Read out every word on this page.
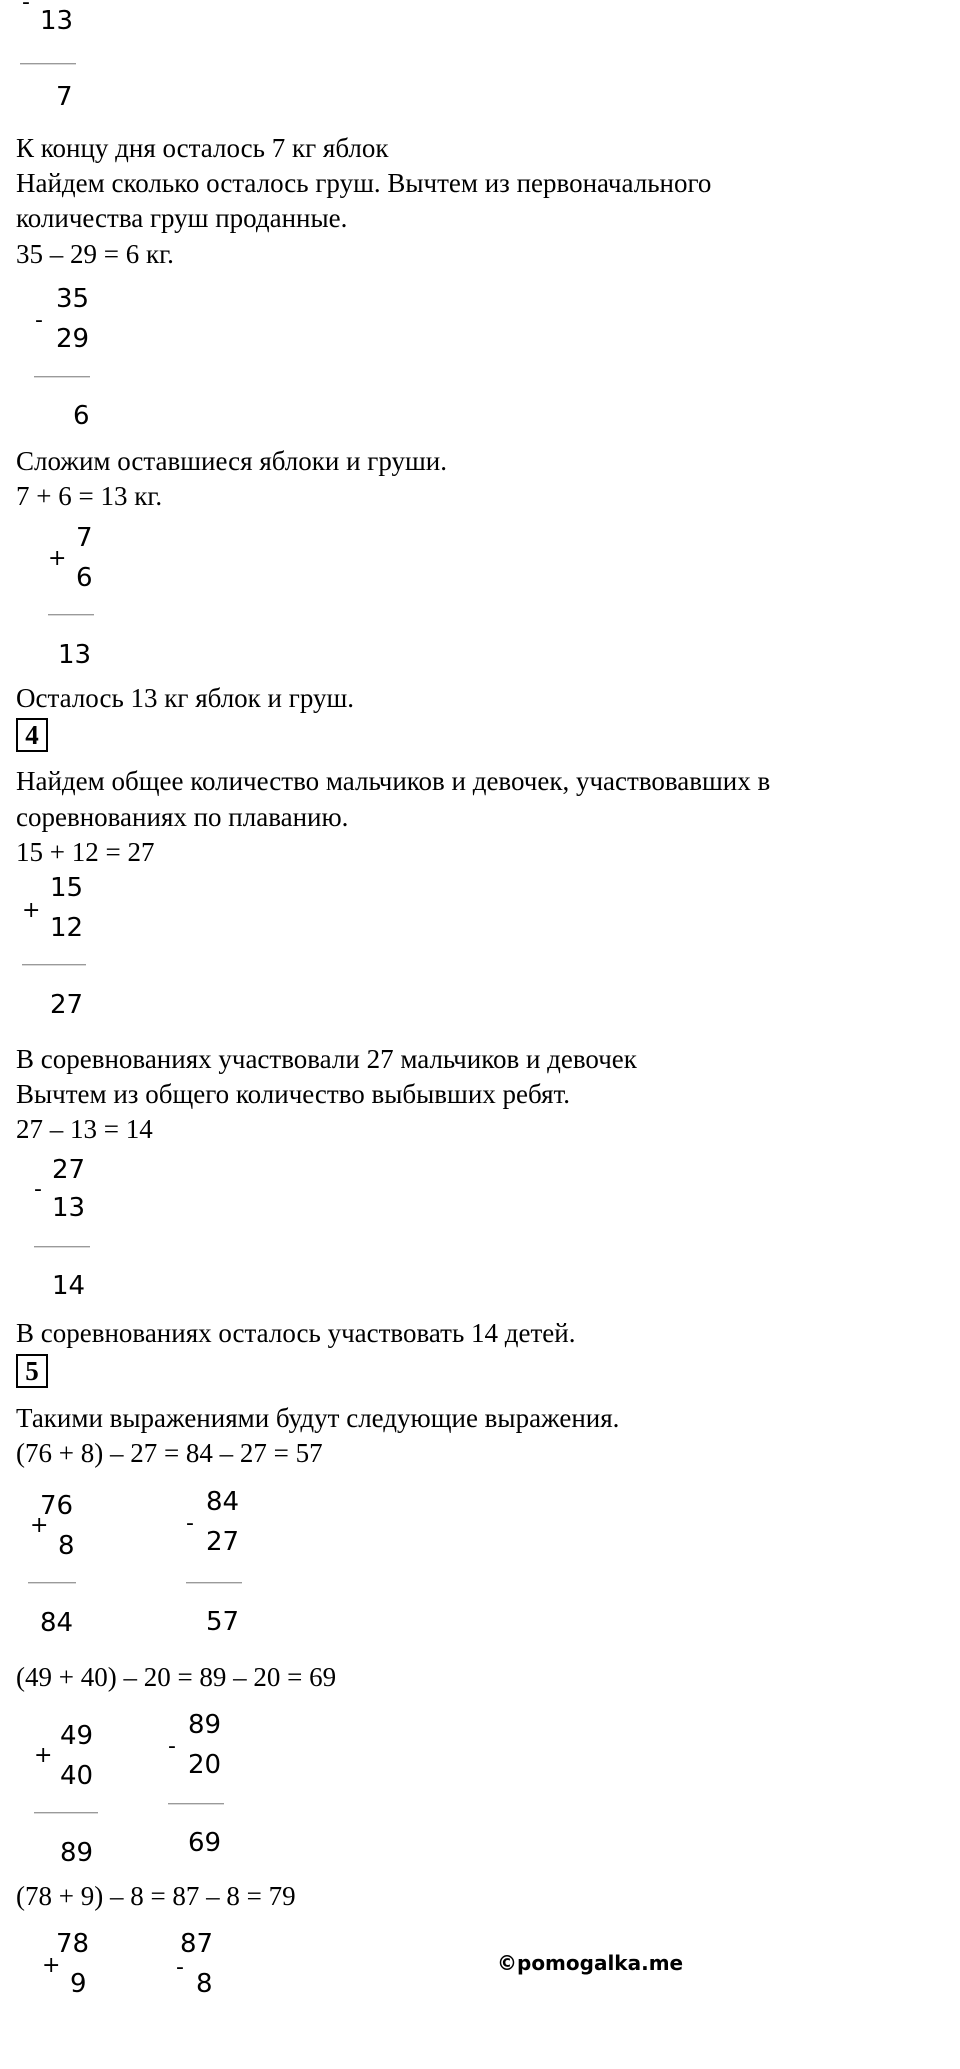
-
13
7
К концу дня осталось 7 кг яблок
Найдем сколько осталось груш. Вычтем из первоначального
количества груш проданные.
35 – 29 = 6 кг.
35
-
29
6
Сложим оставшиеся яблоки и груши.
7 + 6 = 13 кг.
7
+
6
13
Осталось 13 кг яблок и груш.
4
Найдем общее количество мальчиков и девочек, участвовавших в
соревнованиях по плаванию.
15 + 12 = 27
15
+
12
27
В соревнованиях участвовали 27 мальчиков и девочек
Вычтем из общего количество выбывших ребят.
27 – 13 = 14
27
-
13
14
В соревнованиях осталось участвовать 14 детей.
5
Такими выражениями будут следующие выражения.
(76 + 8) – 27 = 84 – 27 = 57
76
+
8
84
84
-
27
57
(49 + 40) – 20 = 89 – 20 = 69
49
+
40
89
89
-
20
69
(78 + 9) – 8 = 87 – 8 = 79
78
+
9
87
-
8
©pomogalka.me
